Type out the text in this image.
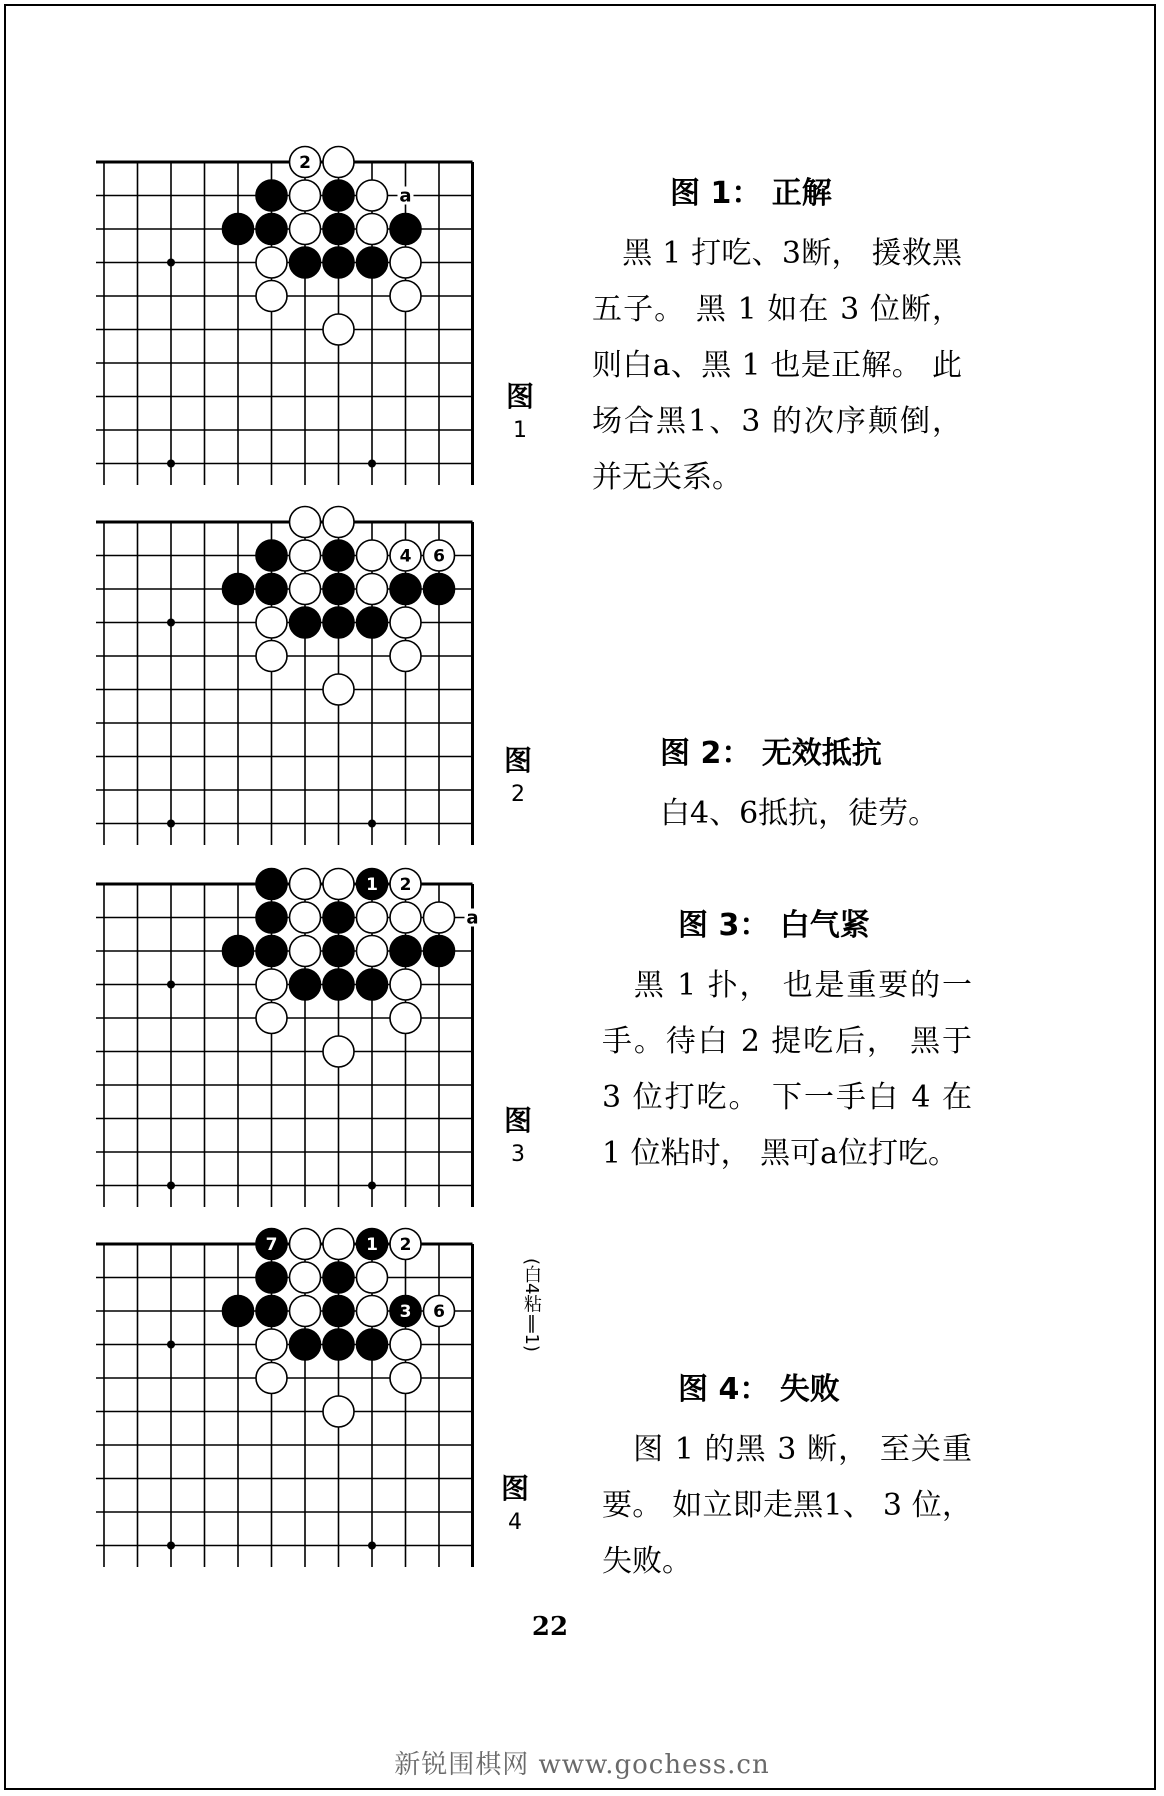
2
a
图
1
图 1： 正解

　黑 1 打吃、3断， 援救黑五子。 黑 1 如在 3 位断， 则白a、黑 1 也是正解。 此场合黑1、3 的次序颠倒， 并无关系。

4 6
图
2
图 2： 无效抵抗

白4、6抵抗，徒劳。

1 2
a
图
3
图 3： 白气紧

　黑 1 扑， 也是重要的一手。待白 2 提吃后， 黑于 3 位打吃。 下一手白 4 在 1 位粘时， 黑可a位打吃。

7	1 2
3 6	(白4粘‖1)
图
4
图 4： 失败

　图 1 的黑 3 断， 至关重要。 如立即走黑1、 3 位， 失败。

22
新锐围棋网 www.gochess.cn
